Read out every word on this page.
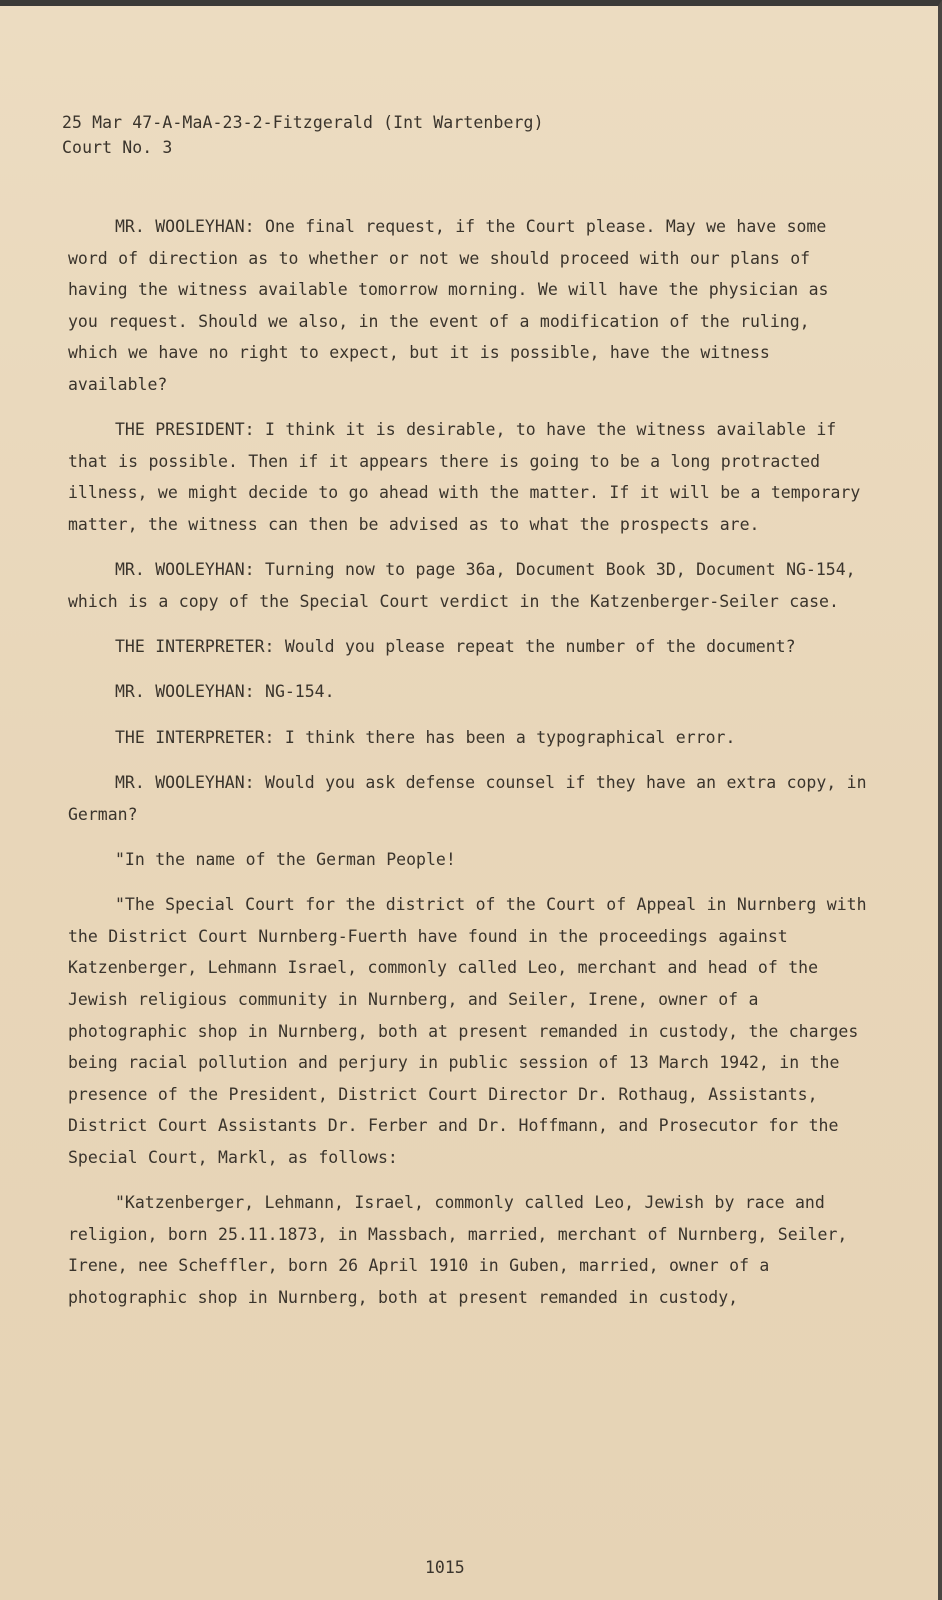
25 Mar 47-A-MaA-23-2-Fitzgerald (Int Wartenberg)
Court No. 3

MR. WOOLEYHAN: One final request, if the Court please. May we have some word of direction as to whether or not we should proceed with our plans of having the witness available tomorrow morning. We will have the physician as you request. Should we also, in the event of a modification of the ruling, which we have no right to expect, but it is possible, have the witness available?

THE PRESIDENT: I think it is desirable, to have the witness available if that is possible. Then if it appears there is going to be a long protracted illness, we might decide to go ahead with the matter. If it will be a temporary matter, the witness can then be advised as to what the prospects are.

MR. WOOLEYHAN: Turning now to page 36a, Document Book 3D, Document NG-154, which is a copy of the Special Court verdict in the Katzenberger-Seiler case.

THE INTERPRETER: Would you please repeat the number of the document?

MR. WOOLEYHAN: NG-154.

THE INTERPRETER: I think there has been a typographical error.

MR. WOOLEYHAN: Would you ask defense counsel if they have an extra copy, in German?

"In the name of the German People!

"The Special Court for the district of the Court of Appeal in Nurnberg with the District Court Nurnberg-Fuerth have found in the proceedings against Katzenberger, Lehmann Israel, commonly called Leo, merchant and head of the Jewish religious community in Nurnberg, and Seiler, Irene, owner of a photographic shop in Nurnberg, both at present remanded in custody, the charges being racial pollution and perjury in public session of 13 March 1942, in the presence of the President, District Court Director Dr. Rothaug, Assistants, District Court Assistants Dr. Ferber and Dr. Hoffmann, and Prosecutor for the Special Court, Markl, as follows:

"Katzenberger, Lehmann, Israel, commonly called Leo, Jewish by race and religion, born 25.11.1873, in Massbach, married, merchant of Nurnberg, Seiler, Irene, nee Scheffler, born 26 April 1910 in Guben, married, owner of a photographic shop in Nurnberg, both at present remanded in custody,

1015
